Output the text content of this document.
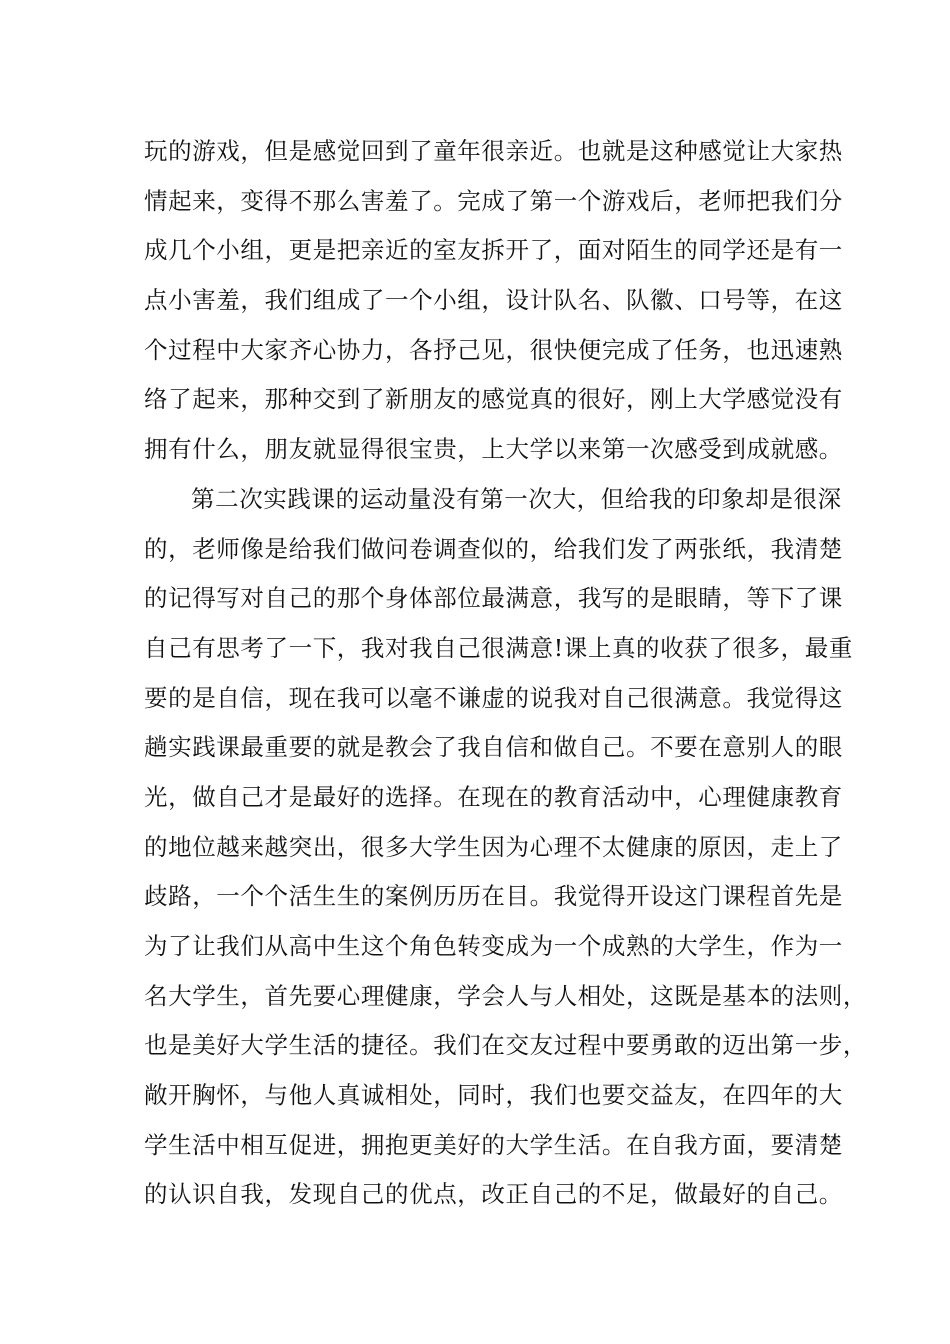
玩的游戏，但是感觉回到了童年很亲近。也就是这种感觉让大家热
情起来，变得不那么害羞了。完成了第一个游戏后，老师把我们分
成几个小组，更是把亲近的室友拆开了，面对陌生的同学还是有一
点小害羞，我们组成了一个小组，设计队名、队徽、口号等，在这
个过程中大家齐心协力，各抒己见，很快便完成了任务，也迅速熟
络了起来，那种交到了新朋友的感觉真的很好，刚上大学感觉没有
拥有什么，朋友就显得很宝贵，上大学以来第一次感受到成就感。
第二次实践课的运动量没有第一次大，但给我的印象却是很深
的，老师像是给我们做问卷调查似的，给我们发了两张纸，我清楚
的记得写对自己的那个身体部位最满意，我写的是眼睛，等下了课
自己有思考了一下，我对我自己很满意!课上真的收获了很多，最重
要的是自信，现在我可以毫不谦虚的说我对自己很满意。我觉得这
趟实践课最重要的就是教会了我自信和做自己。不要在意别人的眼
光，做自己才是最好的选择。在现在的教育活动中，心理健康教育
的地位越来越突出，很多大学生因为心理不太健康的原因，走上了
歧路，一个个活生生的案例历历在目。我觉得开设这门课程首先是
为了让我们从高中生这个角色转变成为一个成熟的大学生，作为一
名大学生，首先要心理健康，学会人与人相处，这既是基本的法则，
也是美好大学生活的捷径。我们在交友过程中要勇敢的迈出第一步，
敞开胸怀，与他人真诚相处，同时，我们也要交益友，在四年的大
学生活中相互促进，拥抱更美好的大学生活。在自我方面，要清楚
的认识自我，发现自己的优点，改正自己的不足，做最好的自己。
